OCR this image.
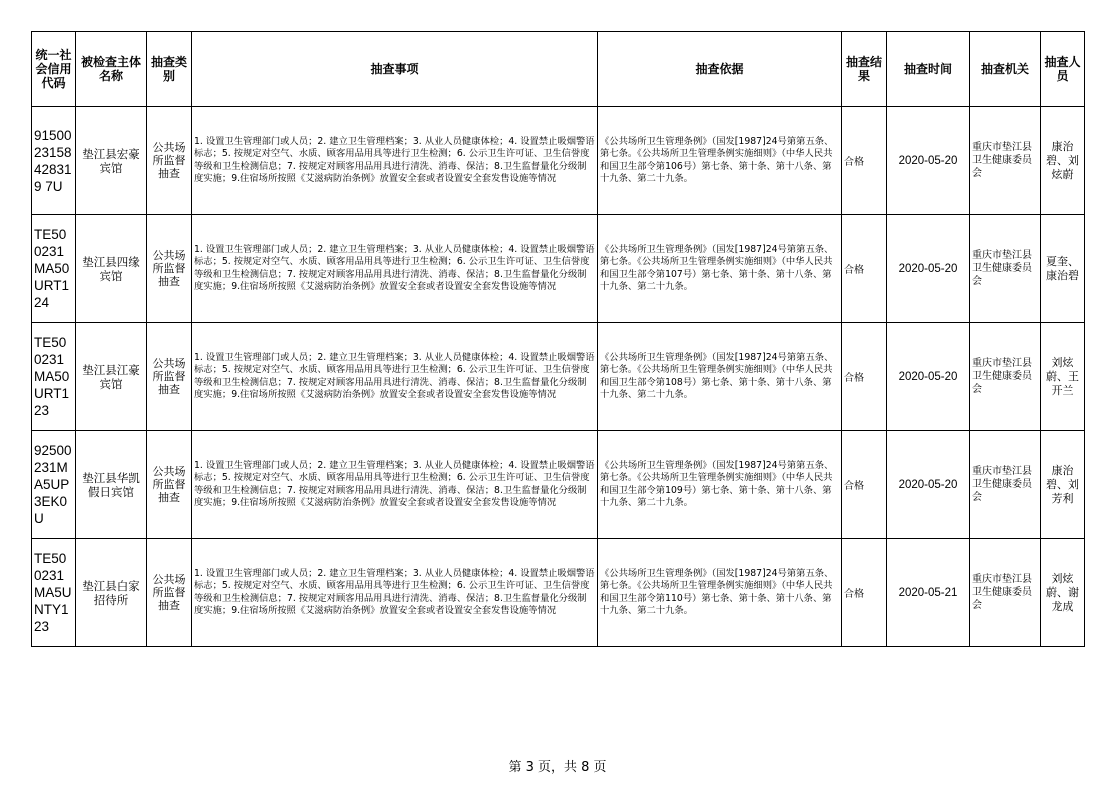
统一社会信用代码	被检查主体名称	抽查类别	抽查事项	抽查依据	抽查结果	抽查时间	抽查机关	抽查人员
9150023158428319 7U	垫江县宏豪宾馆	公共场所监督抽查	1. 设置卫生管理部门或人员；2. 建立卫生管理档案；3. 从业人员健康体检；4. 设置禁止吸烟警语标志；5. 按规定对空气、水质、顾客用品用具等进行卫生检测；6. 公示卫生许可证、卫生信誉度等级和卫生检测信息；7. 按规定对顾客用品用具进行清洗、消毒、保洁；8.卫生监督量化分级制度实施；9.住宿场所按照《艾滋病防治条例》放置安全套或者设置安全套发售设施等情况	《公共场所卫生管理条例》（国发[1987]24号第第五条、第七条。《公共场所卫生管理条例实施细则》（中华人民共和国卫生部令第106号）第七条、第十条、第十八条、第十九条、第二十九条。	合格	2020-05-20	重庆市垫江县卫生健康委员会	康治碧、刘炫蔚
TE500231MA50URT124	垫江县四缘宾馆	公共场所监督抽查	1. 设置卫生管理部门或人员；2. 建立卫生管理档案；3. 从业人员健康体检；4. 设置禁止吸烟警语标志；5. 按规定对空气、水质、顾客用品用具等进行卫生检测；6. 公示卫生许可证、卫生信誉度等级和卫生检测信息；7. 按规定对顾客用品用具进行清洗、消毒、保洁；8.卫生监督量化分级制度实施；9.住宿场所按照《艾滋病防治条例》放置安全套或者设置安全套发售设施等情况	《公共场所卫生管理条例》（国发[1987]24号第第五条、第七条。《公共场所卫生管理条例实施细则》（中华人民共和国卫生部令第107号）第七条、第十条、第十八条、第十九条、第二十九条。	合格	2020-05-20	重庆市垫江县卫生健康委员会	夏奎、康治碧
TE500231MA50URT123	垫江县江豪宾馆	公共场所监督抽查	1. 设置卫生管理部门或人员；2. 建立卫生管理档案；3. 从业人员健康体检；4. 设置禁止吸烟警语标志；5. 按规定对空气、水质、顾客用品用具等进行卫生检测；6. 公示卫生许可证、卫生信誉度等级和卫生检测信息；7. 按规定对顾客用品用具进行清洗、消毒、保洁；8.卫生监督量化分级制度实施；9.住宿场所按照《艾滋病防治条例》放置安全套或者设置安全套发售设施等情况	《公共场所卫生管理条例》（国发[1987]24号第第五条、第七条。《公共场所卫生管理条例实施细则》（中华人民共和国卫生部令第108号）第七条、第十条、第十八条、第十九条、第二十九条。	合格	2020-05-20	重庆市垫江县卫生健康委员会	刘炫蔚、王开兰
92500231MA5UP3EK0U	垫江县华凯假日宾馆	公共场所监督抽查	1. 设置卫生管理部门或人员；2. 建立卫生管理档案；3. 从业人员健康体检；4. 设置禁止吸烟警语标志；5. 按规定对空气、水质、顾客用品用具等进行卫生检测；6. 公示卫生许可证、卫生信誉度等级和卫生检测信息；7. 按规定对顾客用品用具进行清洗、消毒、保洁；8.卫生监督量化分级制度实施；9.住宿场所按照《艾滋病防治条例》放置安全套或者设置安全套发售设施等情况	《公共场所卫生管理条例》（国发[1987]24号第第五条、第七条。《公共场所卫生管理条例实施细则》（中华人民共和国卫生部令第109号）第七条、第十条、第十八条、第十九条、第二十九条。	合格	2020-05-20	重庆市垫江县卫生健康委员会	康治碧、刘芳利
TE500231MA5UNTY123	垫江县白家招待所	公共场所监督抽查	1. 设置卫生管理部门或人员；2. 建立卫生管理档案；3. 从业人员健康体检；4. 设置禁止吸烟警语标志；5. 按规定对空气、水质、顾客用品用具等进行卫生检测；6. 公示卫生许可证、卫生信誉度等级和卫生检测信息；7. 按规定对顾客用品用具进行清洗、消毒、保洁；8.卫生监督量化分级制度实施；9.住宿场所按照《艾滋病防治条例》放置安全套或者设置安全套发售设施等情况	《公共场所卫生管理条例》（国发[1987]24号第第五条、第七条。《公共场所卫生管理条例实施细则》（中华人民共和国卫生部令第110号）第七条、第十条、第十八条、第十九条、第二十九条。	合格	2020-05-21	重庆市垫江县卫生健康委员会	刘炫蔚、谢龙成
第 3 页，共 8 页
